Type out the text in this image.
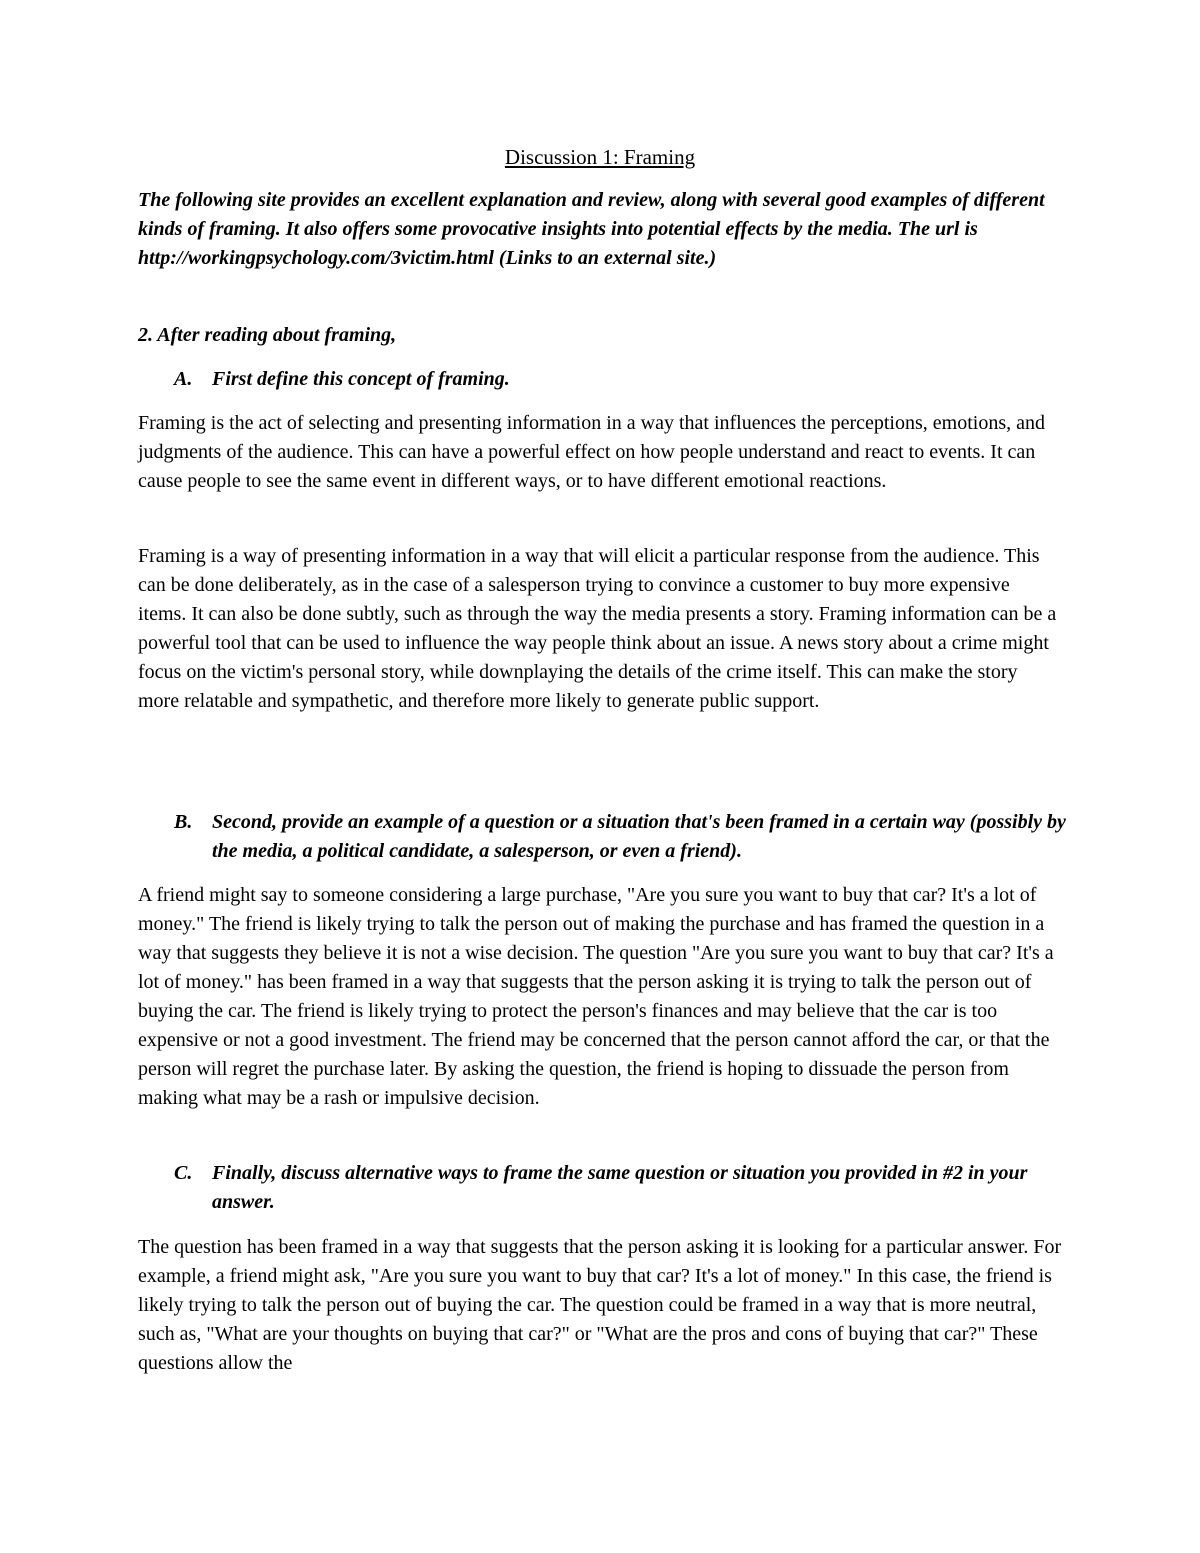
Discussion 1: Framing

The following site provides an excellent explanation and review, along with several good examples of different kinds of framing. It also offers some provocative insights into potential effects by the media. The url is http://workingpsychology.com/3victim.html (Links to an external site.)

2. After reading about framing,

A. First define this concept of framing.

Framing is the act of selecting and presenting information in a way that influences the perceptions, emotions, and judgments of the audience. This can have a powerful effect on how people understand and react to events. It can cause people to see the same event in different ways, or to have different emotional reactions.

Framing is a way of presenting information in a way that will elicit a particular response from the audience. This can be done deliberately, as in the case of a salesperson trying to convince a customer to buy more expensive items. It can also be done subtly, such as through the way the media presents a story. Framing information can be a powerful tool that can be used to influence the way people think about an issue. A news story about a crime might focus on the victim's personal story, while downplaying the details of the crime itself. This can make the story more relatable and sympathetic, and therefore more likely to generate public support.

B. Second, provide an example of a question or a situation that's been framed in a certain way (possibly by the media, a political candidate, a salesperson, or even a friend).

A friend might say to someone considering a large purchase, "Are you sure you want to buy that car? It's a lot of money." The friend is likely trying to talk the person out of making the purchase and has framed the question in a way that suggests they believe it is not a wise decision. The question "Are you sure you want to buy that car? It's a lot of money." has been framed in a way that suggests that the person asking it is trying to talk the person out of buying the car. The friend is likely trying to protect the person's finances and may believe that the car is too expensive or not a good investment. The friend may be concerned that the person cannot afford the car, or that the person will regret the purchase later. By asking the question, the friend is hoping to dissuade the person from making what may be a rash or impulsive decision.

C. Finally, discuss alternative ways to frame the same question or situation you provided in #2 in your answer.

The question has been framed in a way that suggests that the person asking it is looking for a particular answer. For example, a friend might ask, "Are you sure you want to buy that car? It's a lot of money." In this case, the friend is likely trying to talk the person out of buying the car. The question could be framed in a way that is more neutral, such as, "What are your thoughts on buying that car?" or "What are the pros and cons of buying that car?" These questions allow the
